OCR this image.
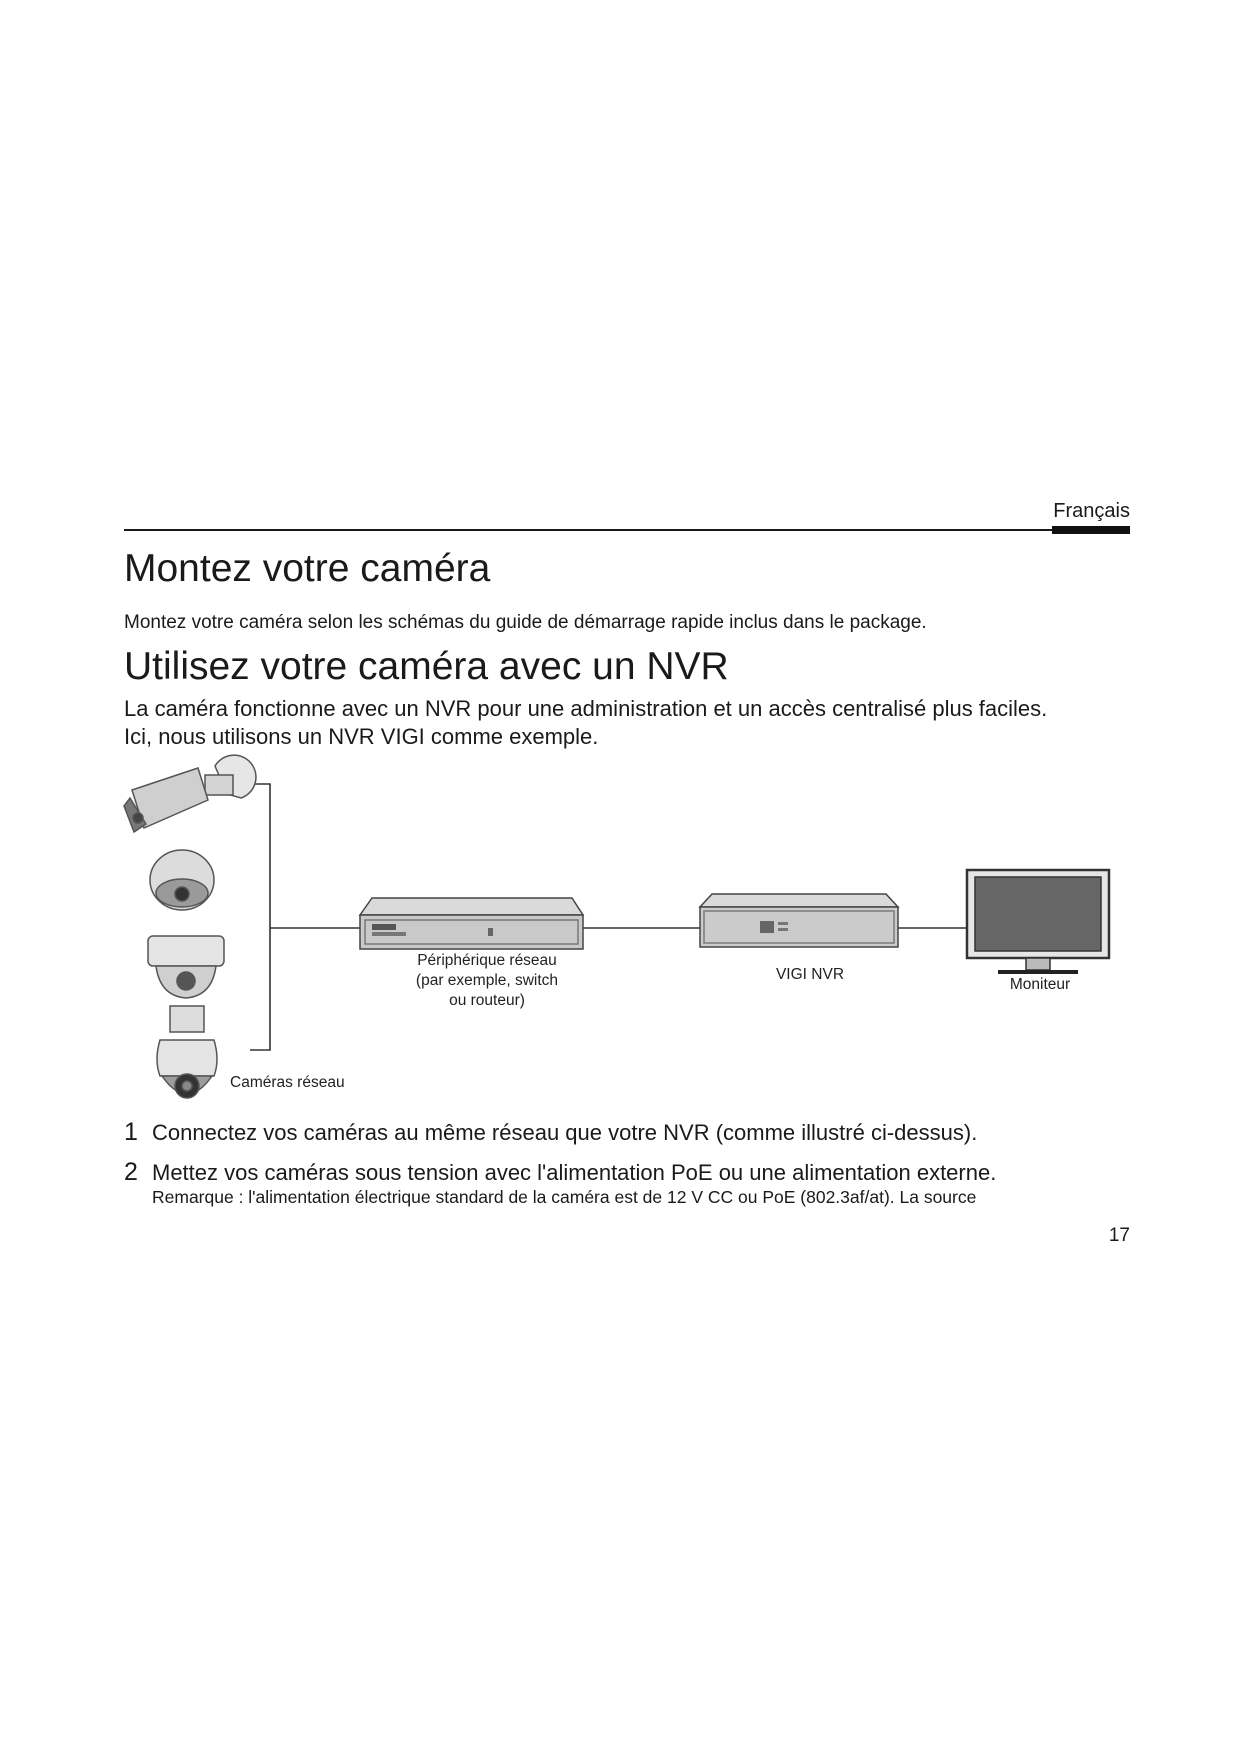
Français
Montez votre caméra
Montez votre caméra selon les schémas du guide de démarrage rapide inclus dans le package.
Utilisez votre caméra avec un NVR
La caméra fonctionne avec un NVR pour une administration et un accès centralisé plus faciles.
Ici, nous utilisons un NVR VIGI comme exemple.
Périphérique réseau
(par exemple, switch
ou routeur)
VIGI NVR
Moniteur
Caméras réseau
1 Connectez vos caméras au même réseau que votre NVR (comme illustré ci-dessus).
2 Mettez vos caméras sous tension avec l'alimentation PoE ou une alimentation externe.
Remarque : l'alimentation électrique standard de la caméra est de 12 V CC ou PoE (802.3af/at). La source
17
